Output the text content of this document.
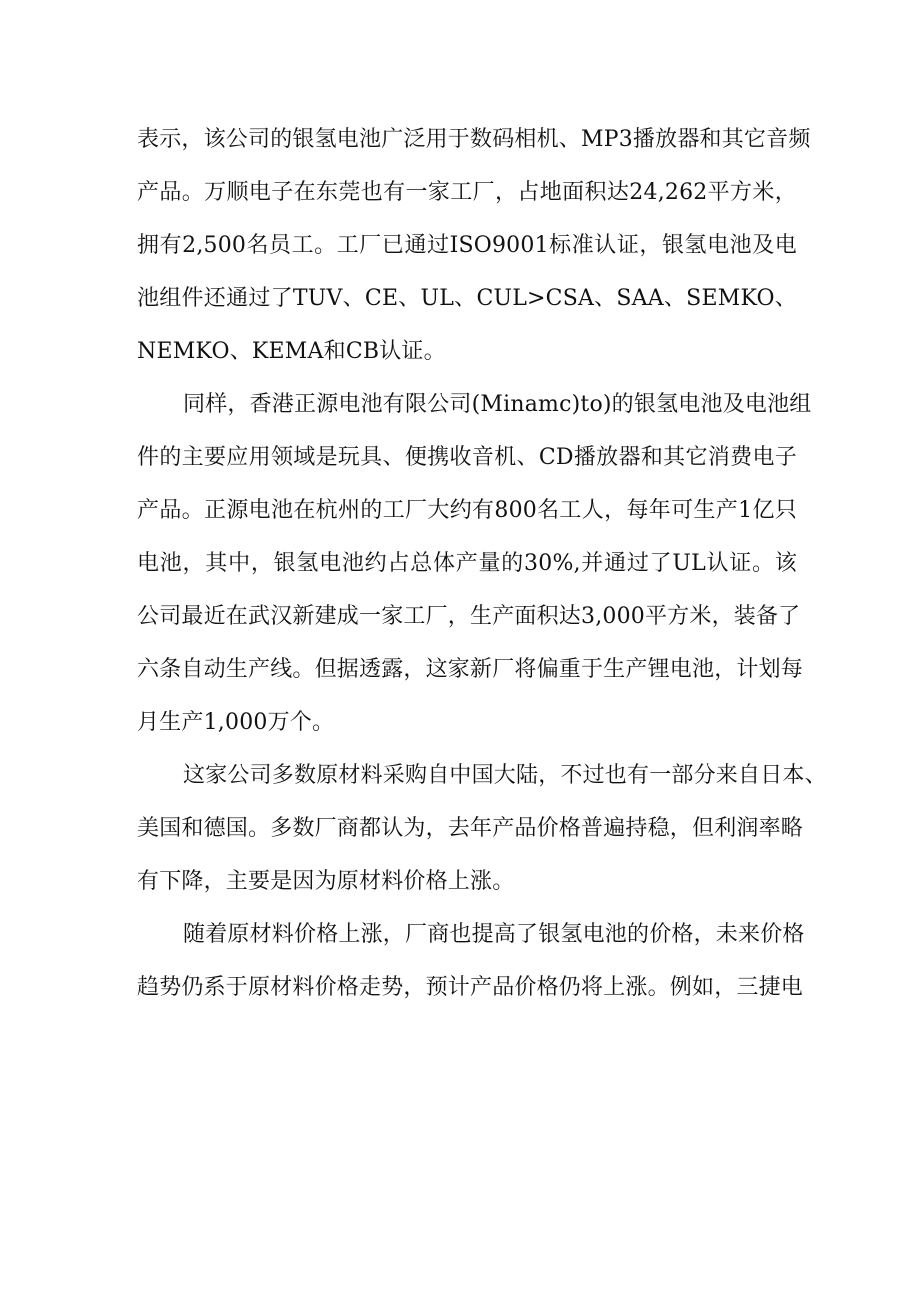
表示，该公司的银氢电池广泛用于数码相机、MP3播放器和其它音频
产品。万顺电子在东莞也有一家工厂，占地面积达24,262平方米，
拥有2,500名员工。工厂已通过ISO9001标准认证，银氢电池及电
池组件还通过了TUV、CE、UL、CUL>CSA、SAA、SEMKO、
NEMKO、KEMA和CB认证。
同样，香港正源电池有限公司(Minamc)to)的银氢电池及电池组
件的主要应用领域是玩具、便携收音机、CD播放器和其它消费电子
产品。正源电池在杭州的工厂大约有800名工人，每年可生产1亿只
电池，其中，银氢电池约占总体产量的30%,并通过了UL认证。该
公司最近在武汉新建成一家工厂，生产面积达3,000平方米，装备了
六条自动生产线。但据透露，这家新厂将偏重于生产锂电池，计划每
月生产1,000万个。
这家公司多数原材料采购自中国大陆，不过也有一部分来自日本、
美国和德国。多数厂商都认为，去年产品价格普遍持稳，但利润率略
有下降，主要是因为原材料价格上涨。
随着原材料价格上涨，厂商也提高了银氢电池的价格，未来价格
趋势仍系于原材料价格走势，预计产品价格仍将上涨。例如，三捷电
